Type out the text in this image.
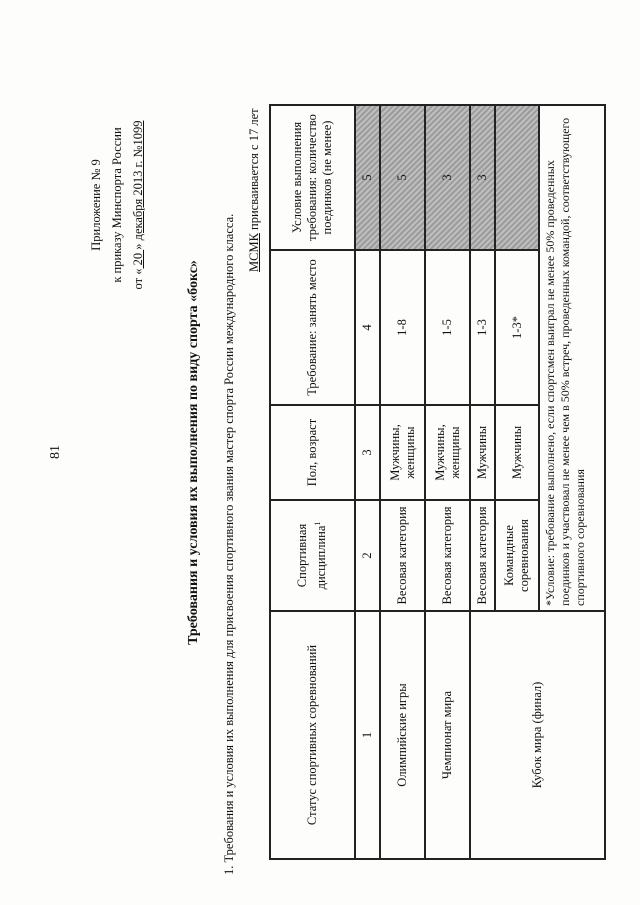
81
Приложение № 9 к приказу Минспорта России от « 20 » декабря 2013 г. №1099
Требования и условия их выполнения по виду спорта «бокс» 1. Требования и условия их выполнения для присвоения спортивного звания мастер спорта России международного класса. МСМК присваивается с 17 лет
Статус спортивных соревнований
Спортивная дисциплина$^1$
Пол, возраст
Требование: занять место
Условие выполнения требования: количество поединков (не менее)
1
2
3
4
5
Олимпийские игры
Весовая категория
Мужчины, женщины
1-8
5
Чемпионат мира
Весовая категория
Мужчины, женщины
1-5
3
Кубок мира (финал)
Весовая категория
Мужчины
1-3
3
Командные соревнования
Мужчины
1-3*	*Условие: требование выполнено, если спортсмен выиграл не менее 50% проведенных поединков и участвовал не менее чем в 50% встреч, проведенных командой, соответствующего спортивного соревнования
